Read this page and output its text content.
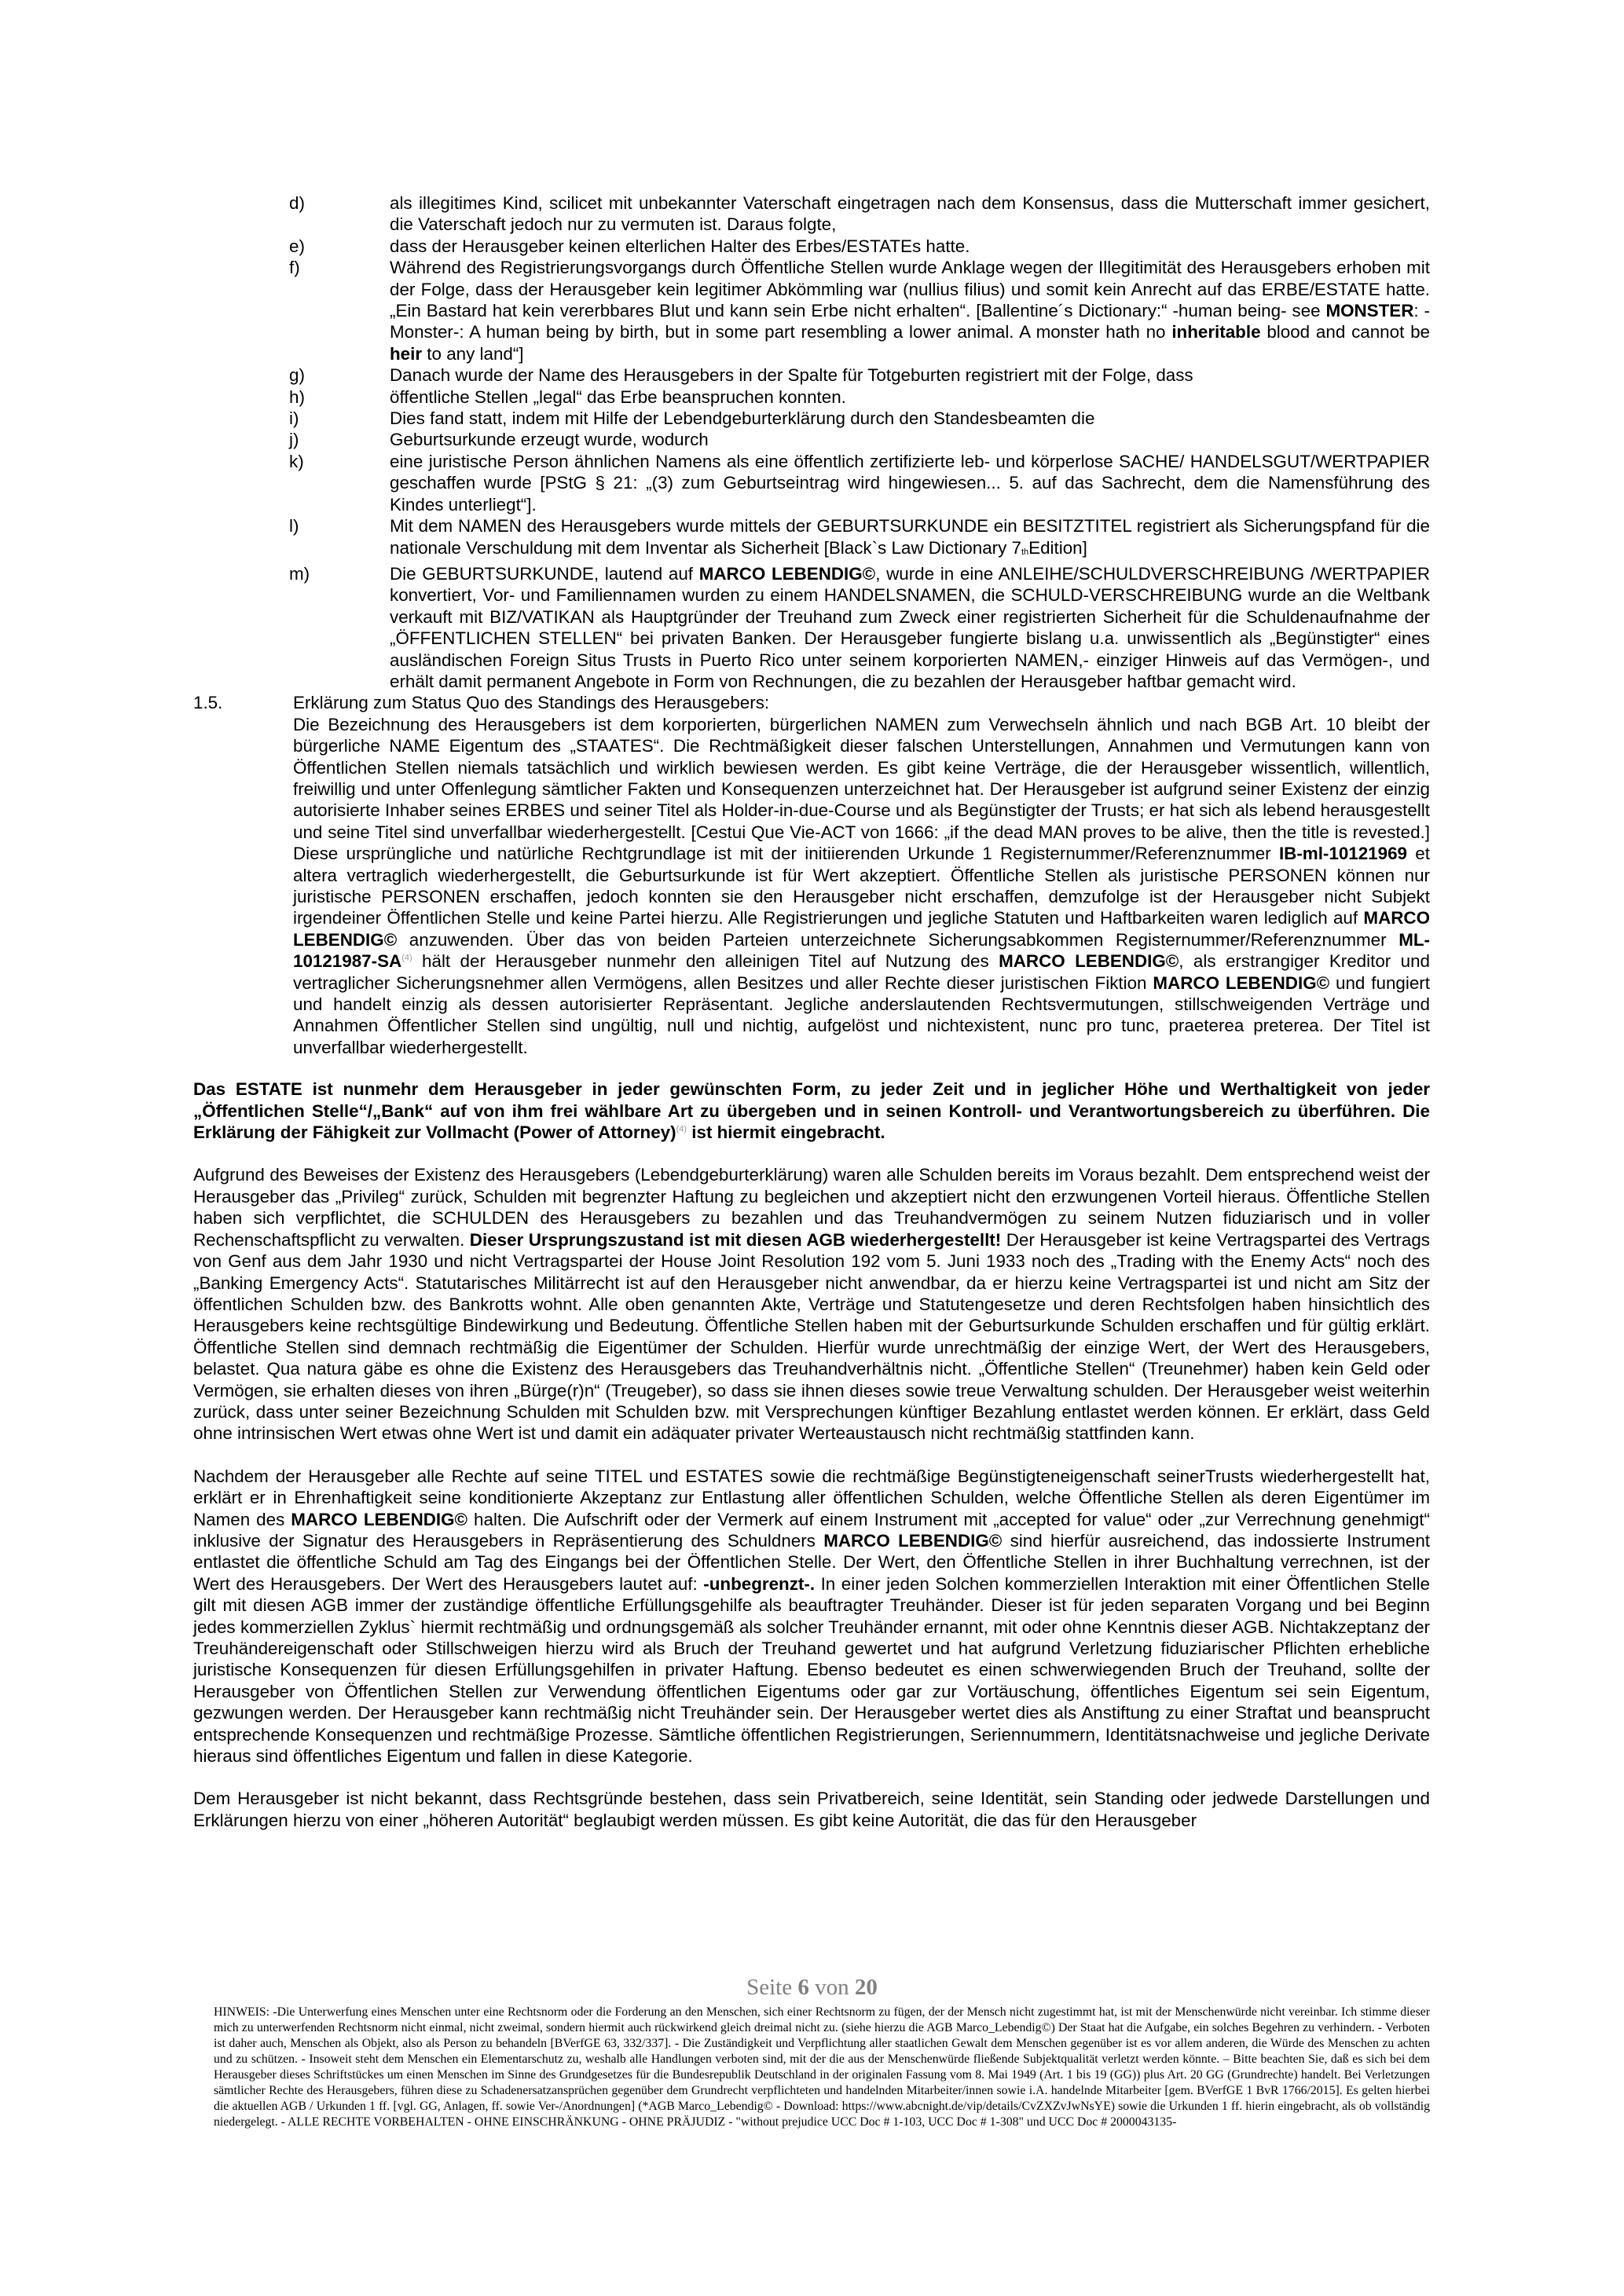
d)	als illegitimes Kind, scilicet mit unbekannter Vaterschaft eingetragen nach dem Konsensus, dass die Mutterschaft immer gesichert, die Vaterschaft jedoch nur zu vermuten ist. Daraus folgte,
e)	dass der Herausgeber keinen elterlichen Halter des Erbes/ESTATEs hatte.
f)	Während des Registrierungsvorgangs durch Öffentliche Stellen wurde Anklage wegen der Illegitimität des Herausgebers erhoben mit der Folge, dass der Herausgeber kein legitimer Abkömmling war (nullius filius) und somit kein Anrecht auf das ERBE/ESTATE hatte. „Ein Bastard hat kein vererbbares Blut und kann sein Erbe nicht erhalten“. [Ballentine´s Dictionary:“ -human being- see MONSTER: -Monster-: A human being by birth, but in some part resembling a lower animal. A monster hath no inheritable blood and cannot be heir to any land“]
g)	Danach wurde der Name des Herausgebers in der Spalte für Totgeburten registriert mit der Folge, dass
h)	öffentliche Stellen „legal“ das Erbe beanspruchen konnten.
i)	Dies fand statt, indem mit Hilfe der Lebendgeburterklärung durch den Standesbeamten die
j)	Geburtsurkunde erzeugt wurde, wodurch
k)	eine juristische Person ähnlichen Namens als eine öffentlich zertifizierte leb- und körperlose SACHE/ HANDELSGUT/WERTPAPIER geschaffen wurde [PStG § 21: „(3) zum Geburtseintrag wird hingewiesen... 5. auf das Sachrecht, dem die Namensführung des Kindes unterliegt“].
l)	Mit dem NAMEN des Herausgebers wurde mittels der GEBURTSURKUNDE ein BESITZTITEL registriert als Sicherungspfand für die nationale Verschuldung mit dem Inventar als Sicherheit [Black`s Law Dictionary $7_{th}Edition$]
m)	Die GEBURTSURKUNDE, lautend auf MARCO LEBENDIG©, wurde in eine ANLEIHE/SCHULDVERSCHREIBUNG /WERTPAPIER konvertiert, Vor- und Familiennamen wurden zu einem HANDELSNAMEN, die SCHULD-VERSCHREIBUNG wurde an die Weltbank verkauft mit BIZ/VATIKAN als Hauptgründer der Treuhand zum Zweck einer registrierten Sicherheit für die Schuldenaufnahme der „ÖFFENTLICHEN STELLEN“ bei privaten Banken. Der Herausgeber fungierte bislang u.a. unwissentlich als „Begünstigter“ eines ausländischen Foreign Situs Trusts in Puerto Rico unter seinem korporierten NAMEN,- einziger Hinweis auf das Vermögen-, und erhält damit permanent Angebote in Form von Rechnungen, die zu bezahlen der Herausgeber haftbar gemacht wird.
1.5.	Erklärung zum Status Quo des Standings des Herausgebers:
Die Bezeichnung des Herausgebers ist dem korporierten, bürgerlichen NAMEN zum Verwechseln ähnlich und nach BGB Art. 10 bleibt der bürgerliche NAME Eigentum des „STAATES“. Die Rechtmäßigkeit dieser falschen Unterstellungen, Annahmen und Vermutungen kann von Öffentlichen Stellen niemals tatsächlich und wirklich bewiesen werden. Es gibt keine Verträge, die der Herausgeber wissentlich, willentlich, freiwillig und unter Offenlegung sämtlicher Fakten und Konsequenzen unterzeichnet hat. Der Herausgeber ist aufgrund seiner Existenz der einzig autorisierte Inhaber seines ERBES und seiner Titel als Holder-in-due-Course und als Begünstigter der Trusts; er hat sich als lebend herausgestellt und seine Titel sind unverfallbar wiederhergestellt. [Cestui Que Vie-ACT von 1666: „if the dead MAN proves to be alive, then the title is revested.] Diese ursprüngliche und natürliche Rechtgrundlage ist mit der initiierenden Urkunde 1 Registernummer/Referenznummer IB-ml-10121969 et altera vertraglich wiederhergestellt, die Geburtsurkunde ist für Wert akzeptiert. Öffentliche Stellen als juristische PERSONEN können nur juristische PERSONEN erschaffen, jedoch konnten sie den Herausgeber nicht erschaffen, demzufolge ist der Herausgeber nicht Subjekt irgendeiner Öffentlichen Stelle und keine Partei hierzu. Alle Registrierungen und jegliche Statuten und Haftbarkeiten waren lediglich auf MARCO LEBENDIG© anzuwenden. Über das von beiden Parteien unterzeichnete Sicherungsabkommen Registernummer/Referenznummer ML-10121987-SA$^{(4)}$ hält der Herausgeber nunmehr den alleinigen Titel auf Nutzung des MARCO LEBENDIG©, als erstrangiger Kreditor und vertraglicher Sicherungsnehmer allen Vermögens, allen Besitzes und aller Rechte dieser juristischen Fiktion MARCO LEBENDIG© und fungiert und handelt einzig als dessen autorisierter Repräsentant. Jegliche anderslautenden Rechtsvermutungen, stillschweigenden Verträge und Annahmen Öffentlicher Stellen sind ungültig, null und nichtig, aufgelöst und nichtexistent, nunc pro tunc, praeterea preterea. Der Titel ist unverfallbar wiederhergestellt.
Das ESTATE ist nunmehr dem Herausgeber in jeder gewünschten Form, zu jeder Zeit und in jeglicher Höhe und Werthaltigkeit von jeder „Öffentlichen Stelle“/„Bank“ auf von ihm frei wählbare Art zu übergeben und in seinen Kontroll- und Verantwortungsbereich zu überführen. Die Erklärung der Fähigkeit zur Vollmacht (Power of Attorney)$^{(4)}$ ist hiermit eingebracht.
Aufgrund des Beweises der Existenz des Herausgebers (Lebendgeburterklärung) waren alle Schulden bereits im Voraus bezahlt. Dem entsprechend weist der Herausgeber das „Privileg“ zurück, Schulden mit begrenzter Haftung zu begleichen und akzeptiert nicht den erzwungenen Vorteil hieraus. Öffentliche Stellen haben sich verpflichtet, die SCHULDEN des Herausgebers zu bezahlen und das Treuhandvermögen zu seinem Nutzen fiduziarisch und in voller Rechenschaftspflicht zu verwalten. Dieser Ursprungszustand ist mit diesen AGB wiederhergestellt! Der Herausgeber ist keine Vertragspartei des Vertrags von Genf aus dem Jahr 1930 und nicht Vertragspartei der House Joint Resolution 192 vom 5. Juni 1933 noch des „Trading with the Enemy Acts“ noch des „Banking Emergency Acts“. Statutarisches Militärrecht ist auf den Herausgeber nicht anwendbar, da er hierzu keine Vertragspartei ist und nicht am Sitz der öffentlichen Schulden bzw. des Bankrotts wohnt. Alle oben genannten Akte, Verträge und Statutengesetze und deren Rechtsfolgen haben hinsichtlich des Herausgebers keine rechtsgültige Bindewirkung und Bedeutung. Öffentliche Stellen haben mit der Geburtsurkunde Schulden erschaffen und für gültig erklärt. Öffentliche Stellen sind demnach rechtmäßig die Eigentümer der Schulden. Hierfür wurde unrechtmäßig der einzige Wert, der Wert des Herausgebers, belastet. Qua natura gäbe es ohne die Existenz des Herausgebers das Treuhandverhältnis nicht. „Öffentliche Stellen“ (Treunehmer) haben kein Geld oder Vermögen, sie erhalten dieses von ihren „Bürge(r)n“ (Treugeber), so dass sie ihnen dieses sowie treue Verwaltung schulden. Der Herausgeber weist weiterhin zurück, dass unter seiner Bezeichnung Schulden mit Schulden bzw. mit Versprechungen künftiger Bezahlung entlastet werden können. Er erklärt, dass Geld ohne intrinsischen Wert etwas ohne Wert ist und damit ein adäquater privater Werteaustausch nicht rechtmäßig stattfinden kann.
Nachdem der Herausgeber alle Rechte auf seine TITEL und ESTATES sowie die rechtmäßige Begünstigteneigenschaft seinerTrusts wiederhergestellt hat, erklärt er in Ehrenhaftigkeit seine konditionierte Akzeptanz zur Entlastung aller öffentlichen Schulden, welche Öffentliche Stellen als deren Eigentümer im Namen des MARCO LEBENDIG© halten. Die Aufschrift oder der Vermerk auf einem Instrument mit „accepted for value“ oder „zur Verrechnung genehmigt“ inklusive der Signatur des Herausgebers in Repräsentierung des Schuldners MARCO LEBENDIG© sind hierfür ausreichend, das indossierte Instrument entlastet die öffentliche Schuld am Tag des Eingangs bei der Öffentlichen Stelle. Der Wert, den Öffentliche Stellen in ihrer Buchhaltung verrechnen, ist der Wert des Herausgebers. Der Wert des Herausgebers lautet auf: -unbegrenzt-. In einer jeden Solchen kommerziellen Interaktion mit einer Öffentlichen Stelle gilt mit diesen AGB immer der zuständige öffentliche Erfüllungsgehilfe als beauftragter Treuhänder. Dieser ist für jeden separaten Vorgang und bei Beginn jedes kommerziellen Zyklus` hiermit rechtmäßig und ordnungsgemäß als solcher Treuhänder ernannt, mit oder ohne Kenntnis dieser AGB. Nichtakzeptanz der Treuhändereigenschaft oder Stillschweigen hierzu wird als Bruch der Treuhand gewertet und hat aufgrund Verletzung fiduziarischer Pflichten erhebliche juristische Konsequenzen für diesen Erfüllungsgehilfen in privater Haftung. Ebenso bedeutet es einen schwerwiegenden Bruch der Treuhand, sollte der Herausgeber von Öffentlichen Stellen zur Verwendung öffentlichen Eigentums oder gar zur Vortäuschung, öffentliches Eigentum sei sein Eigentum, gezwungen werden. Der Herausgeber kann rechtmäßig nicht Treuhänder sein. Der Herausgeber wertet dies als Anstiftung zu einer Straftat und beansprucht entsprechende Konsequenzen und rechtmäßige Prozesse. Sämtliche öffentlichen Registrierungen, Seriennummern, Identitätsnachweise und jegliche Derivate hieraus sind öffentliches Eigentum und fallen in diese Kategorie.
Dem Herausgeber ist nicht bekannt, dass Rechtsgründe bestehen, dass sein Privatbereich, seine Identität, sein Standing oder jedwede Darstellungen und Erklärungen hierzu von einer „höheren Autorität“ beglaubigt werden müssen. Es gibt keine Autorität, die das für den Herausgeber
Seite 6 von 20
HINWEIS: -Die Unterwerfung eines Menschen unter eine Rechtsnorm oder die Forderung an den Menschen, sich einer Rechtsnorm zu fügen, der der Mensch nicht zugestimmt hat, ist mit der Menschenwürde nicht vereinbar. Ich stimme dieser mich zu unterwerfenden Rechtsnorm nicht einmal, nicht zweimal, sondern hiermit auch rückwirkend gleich dreimal nicht zu. (siehe hierzu die AGB Marco_Lebendig©) Der Staat hat die Aufgabe, ein solches Begehren zu verhindern. - Verboten ist daher auch, Menschen als Objekt, also als Person zu behandeln [BVerfGE 63, 332/337]. - Die Zuständigkeit und Verpflichtung aller staatlichen Gewalt dem Menschen gegenüber ist es vor allem anderen, die Würde des Menschen zu achten und zu schützen. - Insoweit steht dem Menschen ein Elementarschutz zu, weshalb alle Handlungen verboten sind, mit der die aus der Menschenwürde fließende Subjektqualität verletzt werden könnte. – Bitte beachten Sie, daß es sich bei dem Herausgeber dieses Schriftstückes um einen Menschen im Sinne des Grundgesetzes für die Bundesrepublik Deutschland in der originalen Fassung vom 8. Mai 1949 (Art. 1 bis 19 (GG)) plus Art. 20 GG (Grundrechte) handelt. Bei Verletzungen sämtlicher Rechte des Herausgebers, führen diese zu Schadenersatzansprüchen gegenüber dem Grundrecht verpflichteten und handelnden Mitarbeiter/innen sowie i.A. handelnde Mitarbeiter [gem. BVerfGE 1 BvR 1766/2015]. Es gelten hierbei die aktuellen AGB / Urkunden 1 ff. [vgl. GG, Anlagen, ff. sowie Ver-/Anordnungen] (*AGB Marco_Lebendig© - Download: https://www.abcnight.de/vip/details/CvZXZvJwNsYE) sowie die Urkunden 1 ff. hierin eingebracht, als ob vollständig niedergelegt. - ALLE RECHTE VORBEHALTEN - OHNE EINSCHRÄNKUNG - OHNE PRÄJUDIZ - "without prejudice UCC Doc # 1-103, UCC Doc # 1-308" und UCC Doc # 2000043135-
